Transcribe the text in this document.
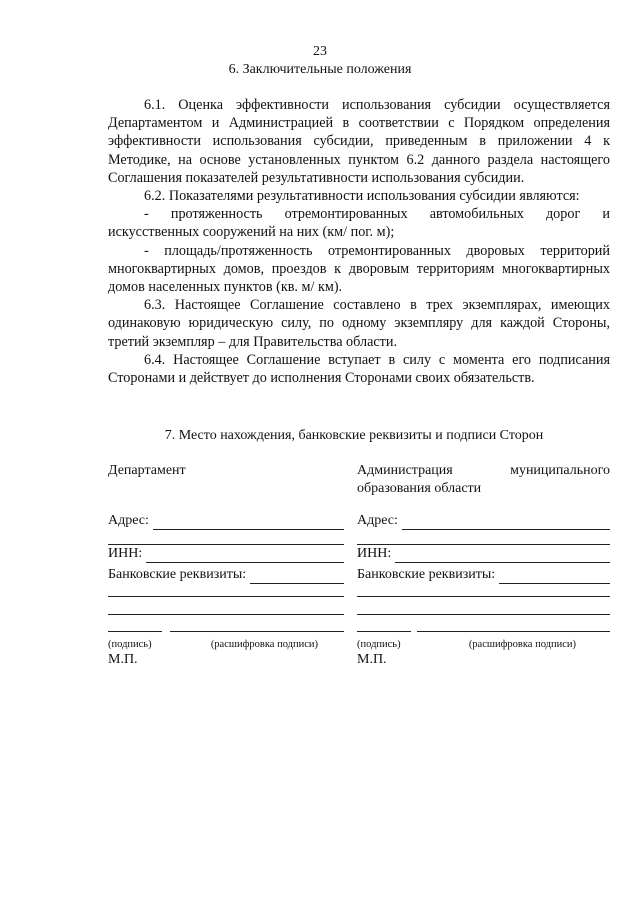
23
6. Заключительные положения

6.1. Оценка эффективности использования субсидии осуществляется Департаментом и Администрацией в соответствии с Порядком определения эффективности использования субсидии, приведенным в приложении 4 к Методике, на основе установленных пунктом 6.2 данного раздела настоящего Соглашения показателей результативности использования субсидии.

6.2. Показателями результативности использования субсидии являются:

- протяженность отремонтированных автомобильных дорог и искусственных сооружений на них (км/ пог. м);

- площадь/протяженность отремонтированных дворовых территорий многоквартирных домов, проездов к дворовым территориям многоквартирных домов населенных пунктов (кв. м/ км).

6.3. Настоящее Соглашение составлено в трех экземплярах, имеющих одинаковую юридическую силу, по одному экземпляру для каждой Стороны, третий экземпляр – для Правительства области.

6.4. Настоящее Соглашение вступает в силу с момента его подписания Сторонами и действует до исполнения Сторонами своих обязательств.

7. Место нахождения, банковские реквизиты и подписи Сторон
Департамент
Адрес:
ИНН:
Банковские реквизиты:
(подпись)	(расшифровка подписи)
М.П.
Администрация муниципального образования области
Адрес:
ИНН:
Банковские реквизиты:
(подпись)	(расшифровка подписи)
М.П.
